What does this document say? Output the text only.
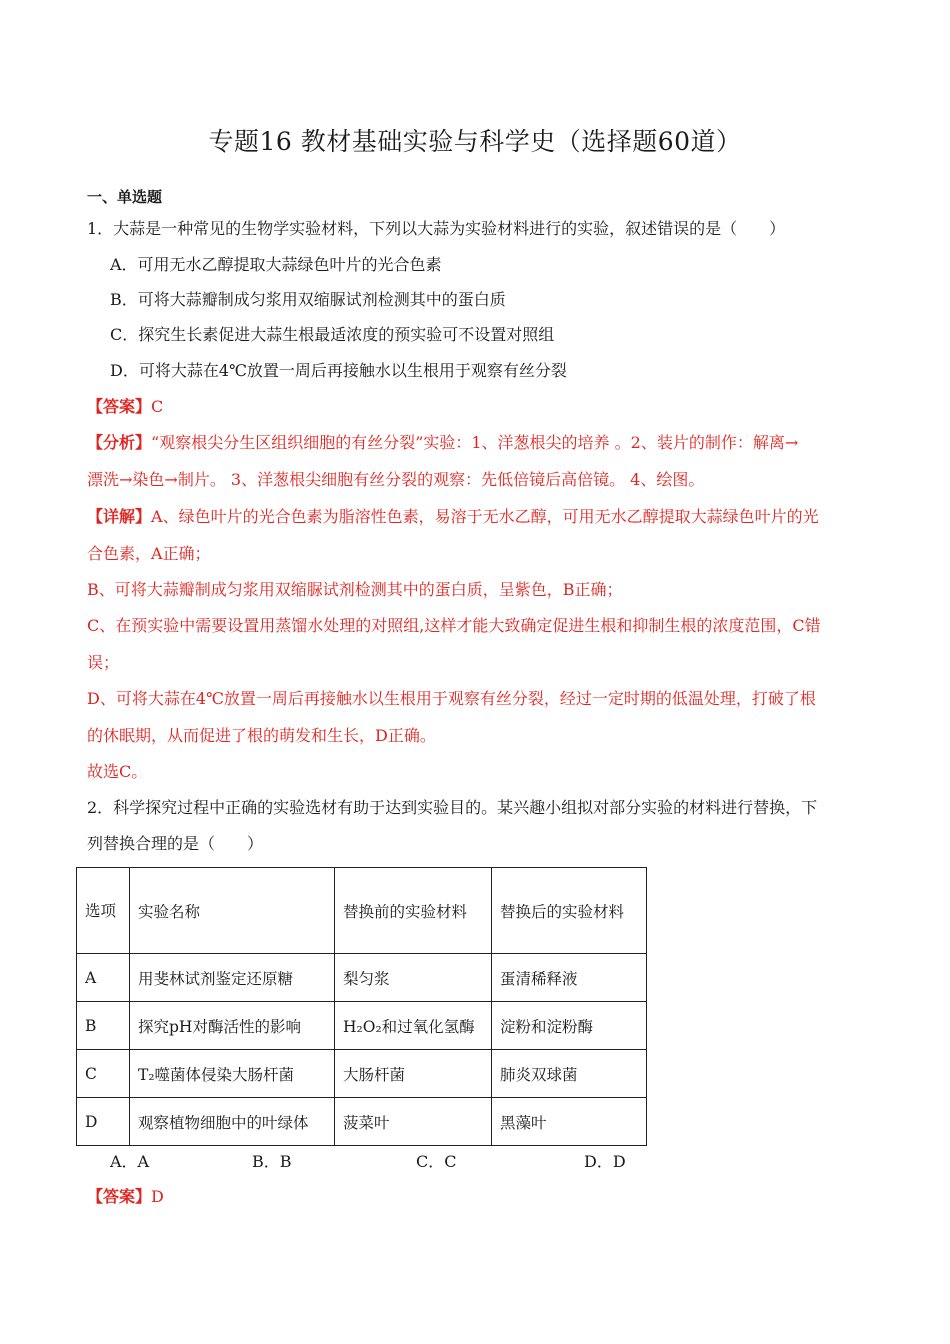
专题16 教材基础实验与科学史（选择题60道）
一、单选题
1．大蒜是一种常见的生物学实验材料，下列以大蒜为实验材料进行的实验，叙述错误的是（　　）
A．可用无水乙醇提取大蒜绿色叶片的光合色素
B．可将大蒜瓣制成匀浆用双缩脲试剂检测其中的蛋白质
C．探究生长素促进大蒜生根最适浓度的预实验可不设置对照组
D．可将大蒜在4℃放置一周后再接触水以生根用于观察有丝分裂
【答案】C
【分析】“观察根尖分生区组织细胞的有丝分裂”实验：1、洋葱根尖的培养 。2、装片的制作：解离→
漂洗→染色→制片。 3、洋葱根尖细胞有丝分裂的观察：先低倍镜后高倍镜。 4、绘图。
【详解】A、绿色叶片的光合色素为脂溶性色素，易溶于无水乙醇，可用无水乙醇提取大蒜绿色叶片的光
合色素，A正确；
B、可将大蒜瓣制成匀浆用双缩脲试剂检测其中的蛋白质，呈紫色，B正确；
C、在预实验中需要设置用蒸馏水处理的对照组,这样才能大致确定促进生根和抑制生根的浓度范围，C错
误；
D、可将大蒜在4℃放置一周后再接触水以生根用于观察有丝分裂，经过一定时期的低温处理，打破了根
的休眠期，从而促进了根的萌发和生长，D正确。
故选C。
2．科学探究过程中正确的实验选材有助于达到实验目的。某兴趣小组拟对部分实验的材料进行替换，下
列替换合理的是（　　）
选项	实验名称	替换前的实验材料	替换后的实验材料
A	用斐林试剂鉴定还原糖	梨匀浆	蛋清稀释液
B	探究pH对酶活性的影响	H₂O₂和过氧化氢酶	淀粉和淀粉酶
C	T₂噬菌体侵染大肠杆菌	大肠杆菌	肺炎双球菌
D	观察植物细胞中的叶绿体	菠菜叶	黑藻叶
A．A	B．B	C．C	D．D
【答案】D
